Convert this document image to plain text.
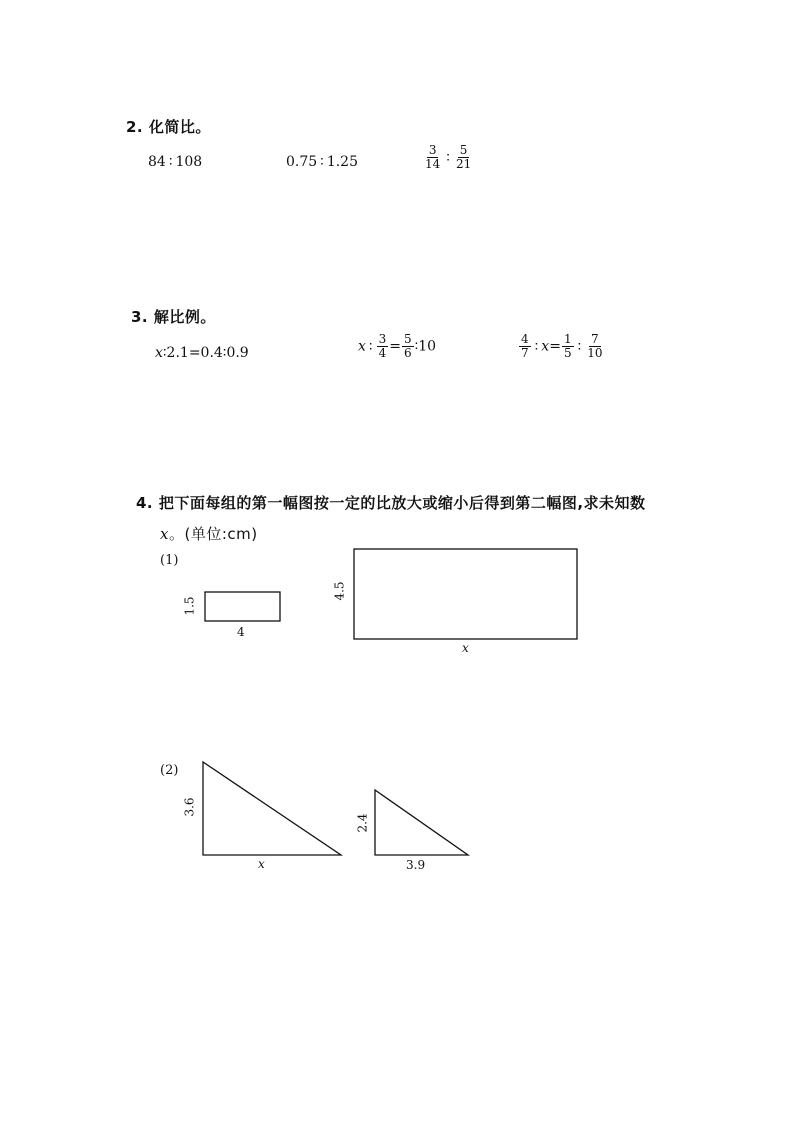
2. 化简比。
84 ∶ 108	0.75 ∶ 1.25	$\frac{3}{14}$ ∶ $\frac{5}{21}$
3. 解比例。
x∶2.1=0.4∶0.9	x ∶ $\frac{3}{4} = \frac{5}{6}$ ∶10	$\frac{4}{7}$ ∶ $x= \frac{1}{5}$ ∶ $\frac{7}{10}$
4. 把下面每组的第一幅图按一定的比放大或缩小后得到第二幅图,求未知数
x。(单位:cm)
(1)
(2)
1.5
4
4.5
x
3.6
x
2.4
3.9
